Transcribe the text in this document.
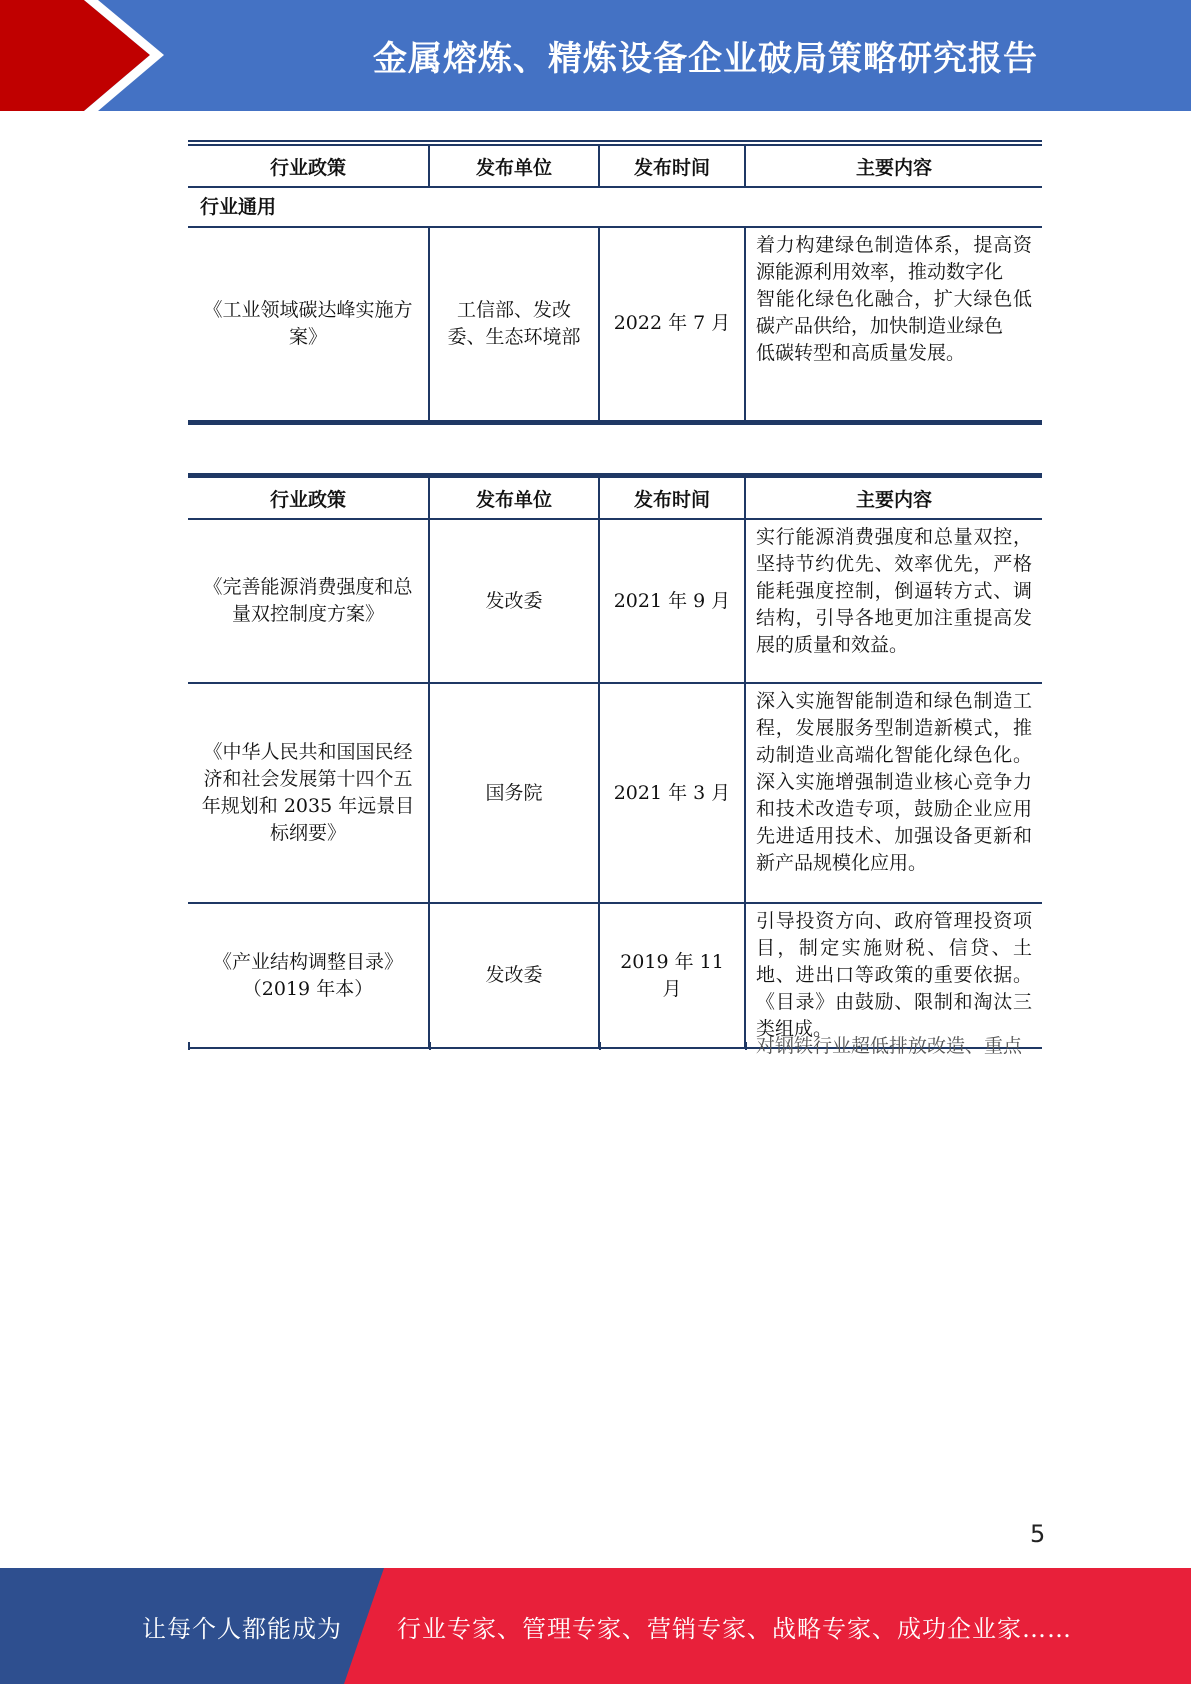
金属熔炼、精炼设备企业破局策略研究报告
行业政策	发布单位	发布时间	主要内容
行业通用			
《工业领域碳达峰实施方案》	工信部、发改委、生态环境部	2022 年 7 月	着力构建绿色制造体系，提高资源能源利用效率，推动数字化
智能化绿色化融合，扩大绿色低碳产品供给，加快制造业绿色
低碳转型和高质量发展。
行业政策	发布单位	发布时间	主要内容
《完善能源消费强度和总量双控制度方案》	发改委	2021 年 9 月	实行能源消费强度和总量双控，坚持节约优先、效率优先，严格能耗强度控制，倒逼转方式、调结构，引导各地更加注重提高发展的质量和效益。
《中华人民共和国国民经济和社会发展第十四个五年规划和 2035 年远景目标纲要》	国务院	2021 年 3 月	深入实施智能制造和绿色制造工程，发展服务型制造新模式，推动制造业高端化智能化绿色化。深入实施增强制造业核心竞争力和技术改造专项，鼓励企业应用先进适用技术、加强设备更新和新产品规模化应用。
《产业结构调整目录》（2019 年本）	发改委	2019 年 11 月	引导投资方向、政府管理投资项目，制定实施财税、信贷、土地、进出口等政策的重要依据。《目录》由鼓励、限制和淘汰三类组成。
对钢铁行业超低排放改造、重点
5
让每个人都能成为 行业专家、管理专家、营销专家、战略专家、成功企业家……
